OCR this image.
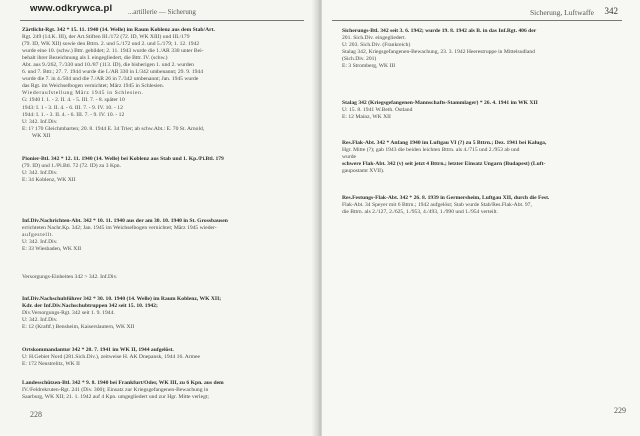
www.odkrywca.pl ...artillerie — Sicherung
Zärtlicht-Rgt. 342 * 15. 11. 1940 (14. Welle) im Raum Koblenz aus dem Stab/Art.
Rgt. 249 (14.K. III), der Art.Stiften III./172 (72. ID, WK XIII) und III./179
(79. ID, WK XII) sowie den Bttrn. 2. und 5./172 und 2. und 5./179; 1. 12. 1942
wurde eine 10. (schw.) Bttr. gebildet; 2. 11. 1943 wurde die 1./AR 330 unter Bei-
behalt ihrer Bezeichnung als I. eingegliedert, die Bttr. IV. (schw.)
Abt. aus 9./262, 7./330 und 10./87 (113. ID), die bisherigen 1. und 2. wurden
6. und 7. Bttr.; 27. 7. 1944 wurde die I./AR 330 in I./342 umbenannt; 29. 9. 1944
wurde die 7. in 4./504 und die 7./AR 26 in 7./342 umbenannt; Jan. 1945 wurde
das Rgt. im Weichselbogen vernichtet; März 1945 in Schlesien.
Wiederaufstellung März 1945 in Schlesien.
G: 1940 I. 1. - 2. II. 4. - 5. III. 7. - 8. später 10
1943: I. 1 - 3. II. 4. - 6. III. 7. - 9. IV. 10. - 12
1944: I. 1. - 3. II. 4. - 6. III. 7. - 9. IV. 10. - 12
U: 342. Inf.Div.
E: 1? 170 Gleichmbarten; 20. 8. 1944 E. 34 Trier; ab schw.Abt.: E. 70 St. Arnold,
WK XII
Pionier-Btl. 342 * 12. 11. 1940 (14. Welle) bei Koblenz aus Stab und 1. Kp./Pi.Btl. 179
(79. ID) und 1./Pi.Btl. 72 (72. ID) zu 3 Kpn.
U: 342. Inf.Div.
E: 34 Koblenz, WK XII
Inf.Div.Nachrichten-Abt. 342 * 10. 11. 1940 aus der am 30. 10. 1940 in St. Grossbausen
errichteten Nachr.Kp. 342; Jan. 1945 im Weichselbogen vernichtet; März 1945 wieder-
aufgestellt.
U: 342. Inf.Div.
E: 33 Wiesbaden, WK XII
Versorgungs-Einheiten 342 > 342. Inf.Div.
Inf.Div.Nachschubführer 342 * 30. 10. 1940 (14. Welle) im Raum Koblenz, WK XII;
Kdr. der Inf.Div.Nachschubtruppen 342 seit 15. 10. 1942;
Div.Versorgungs-Rgt. 342 seit 1. 9. 1944.
U: 342. Inf.Div.
E: 12 (Kraftf.) Bensheim, Kaiserslautern, WK XII
Ortskommandantur 342 * 20. 7. 1941 im WK II, 1944 aufgelöst.
U: H.Gebiet Nord (281.Sich.Div.), zeitweise H. AK Dnepansk, 1944 16. Armee
E: 172 Neustrelitz, WK II
Landesschützen-Btl. 342 * 9. 8. 1940 bei Frankfurt/Oder, WK III, zu 6 Kpn. aus dem
IV./Feldrekruten-Rgt. 241 (Div. 300); Einsatz zur Kriegsgefangenen-Bewachung in
Saarburg, WK XII; 21. 1. 1942 auf 4 Kpn. umgegliedert und zur Hgr. Mitte verlegt;
228
Sicherung, Luftwaffe 342
Sicherungs-Btl. 342 seit 3. 6. 1942; wurde 19. 8. 1942 als B. in das Inf.Rgt. 406 der
201. Sich.Div. eingegliedert.
U: 203. Sich.Div. (Frankreich)
Stalag 342, Kriegsgefangenen-Bewachung, 23. 3. 1942 Heerestruppe in Mittelsudland
(Sich.Div. 201)
E: 3 Stromberg, WK III
Stalag 342 (Kriegsgefangenen-Mannschafts-Stammlager) * 26. 4. 1941 im WK XII
U: 15. 8. 1941 W.Beth. Ostland
E: 12 Mainz, WK XII
Res.Flak-Abt. 342 * Anfang 1940 im Luftgau VI (?) zu 5 Bttrn.; Dez. 1941 bei Kaluga,
Hgr. Mitte (?); gab 1943 die beiden leichten Bttrn. als 4./715 und 2./953 ab und
wurde
schwere Flak-Abt. 342 (v) seit jetzt 4 Bttrn.; letzter Einsatz Ungarn (Budapest) (Luft-
gaupostamt XVII).
Res.Festungs-Flak-Abt. 342 * 26. 8. 1939 in Germersheim, Luftgau XII, durch die Fest.
Flak-Abt. 34 Speyer mit 6 Bttrn.; 1942 aufgelöst; Stab wurde Stab/Res.Flak-Abt. 97,
die Bttrn. als 2./127, 2./625, 1./953, 4./493, 1./990 und 1./954 verteilt.
229
